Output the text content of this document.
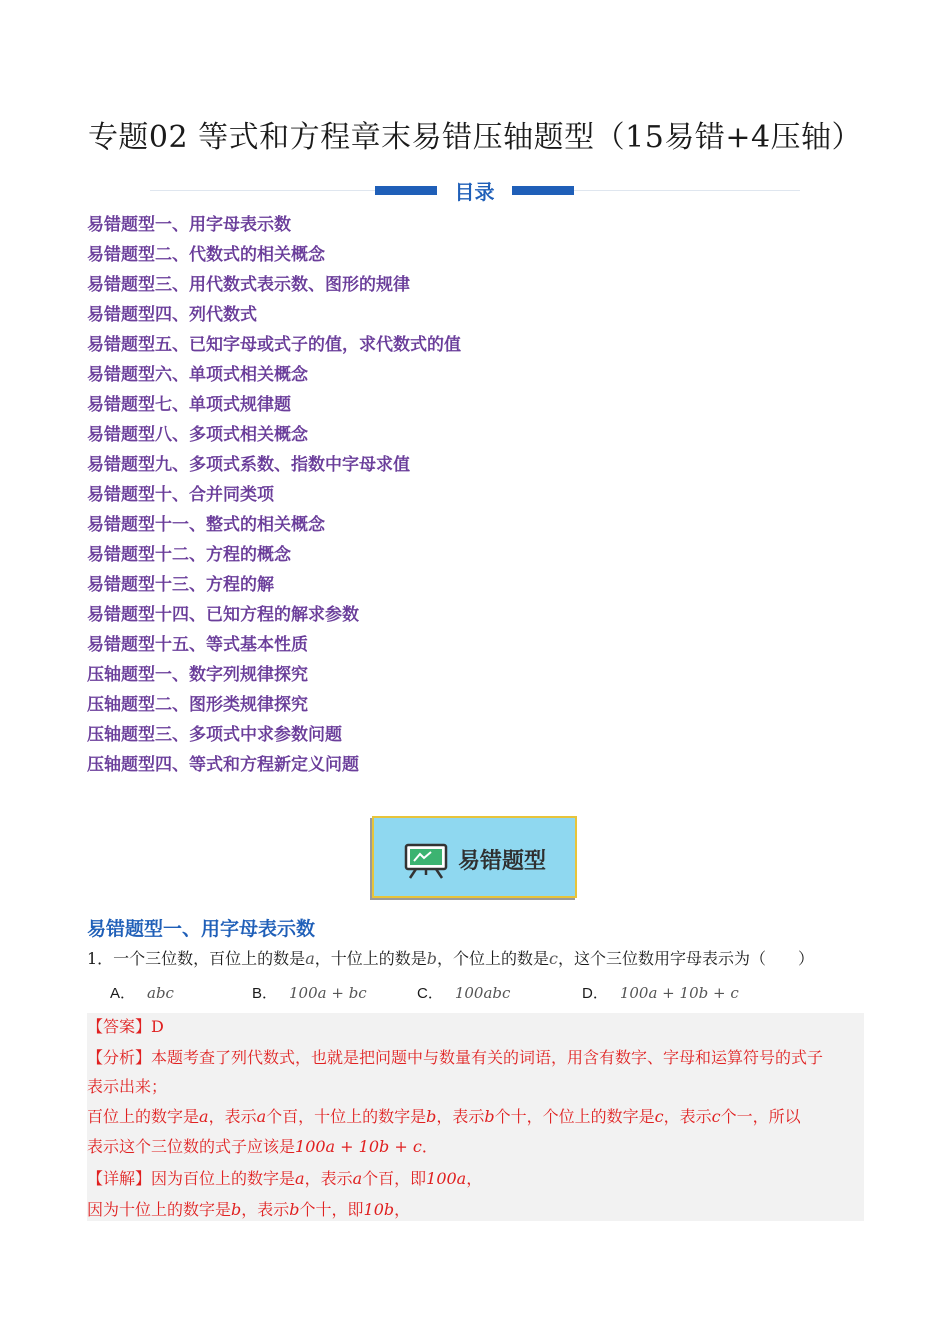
专题02 等式和方程章末易错压轴题型（15易错+4压轴）
目录
易错题型一、用字母表示数
易错题型二、代数式的相关概念
易错题型三、用代数式表示数、图形的规律
易错题型四、列代数式
易错题型五、已知字母或式子的值，求代数式的值
易错题型六、单项式相关概念
易错题型七、单项式规律题
易错题型八、多项式相关概念
易错题型九、多项式系数、指数中字母求值
易错题型十、合并同类项
易错题型十一、整式的相关概念
易错题型十二、方程的概念
易错题型十三、方程的解
易错题型十四、已知方程的解求参数
易错题型十五、等式基本性质
压轴题型一、数字列规律探究
压轴题型二、图形类规律探究
压轴题型三、多项式中求参数问题
压轴题型四、等式和方程新定义问题
易错题型
易错题型一、用字母表示数
1．一个三位数，百位上的数是a，十位上的数是b，个位上的数是c，这个三位数用字母表示为（　　）
A． abc	B． 100a + bc	C． 100abc	D． 100a + 10b + c

【答案】D

【分析】本题考查了列代数式，也就是把问题中与数量有关的词语，用含有数字、字母和运算符号的式子

表示出来；

百位上的数字是a，表示a个百，十位上的数字是b，表示b个十，个位上的数字是c，表示c个一，所以

表示这个三位数的式子应该是100a + 10b + c．

【详解】因为百位上的数字是a，表示a个百，即100a，

因为十位上的数字是b，表示b个十，即10b，
